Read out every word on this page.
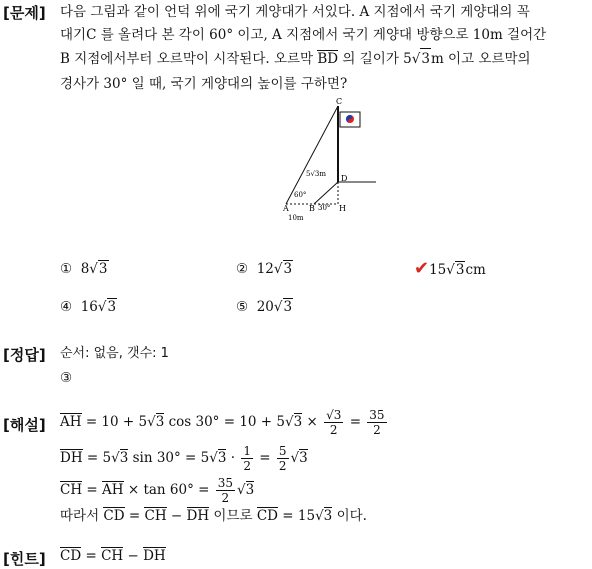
[문제] 다음 그림과 같이 언덕 위에 국기 게양대가 서있다. A 지점에서 국기 게양대의 꼭
대기C 를 올려다 본 각이 60° 이고, A 지점에서 국기 게양대 방향으로 10m 걸어간
B 지점에서부터 오르막이 시작된다. 오르막 BD 의 길이가 5√3m 이고 오르막의
경사가 30° 일 때, 국기 게양대의 높이를 구하면?
C
D
A	B	H
5√3m
60°
30°
10m
① 8√3	② 12√3	✔15√3cm
④ 16√3	⑤ 20√3
[정답] 순서: 없음, 갯수: 1
③
[해설] AH = 10 + 5√3 $\cos 30^\circ = 10 + 5√3 \times \frac{√3}{2} = \frac{35}{2}$
DH = 5√3 $\sin 30^\circ = 5√3 \cdot \frac{1}{2} = \frac{5}{2} √3$
CH = AH × $\tan 60^\circ = \frac{35}{2} √3$
따라서 CD = CH − DH 이므로 CD = 15√3 이다.
[힌트] CD = CH − DH
